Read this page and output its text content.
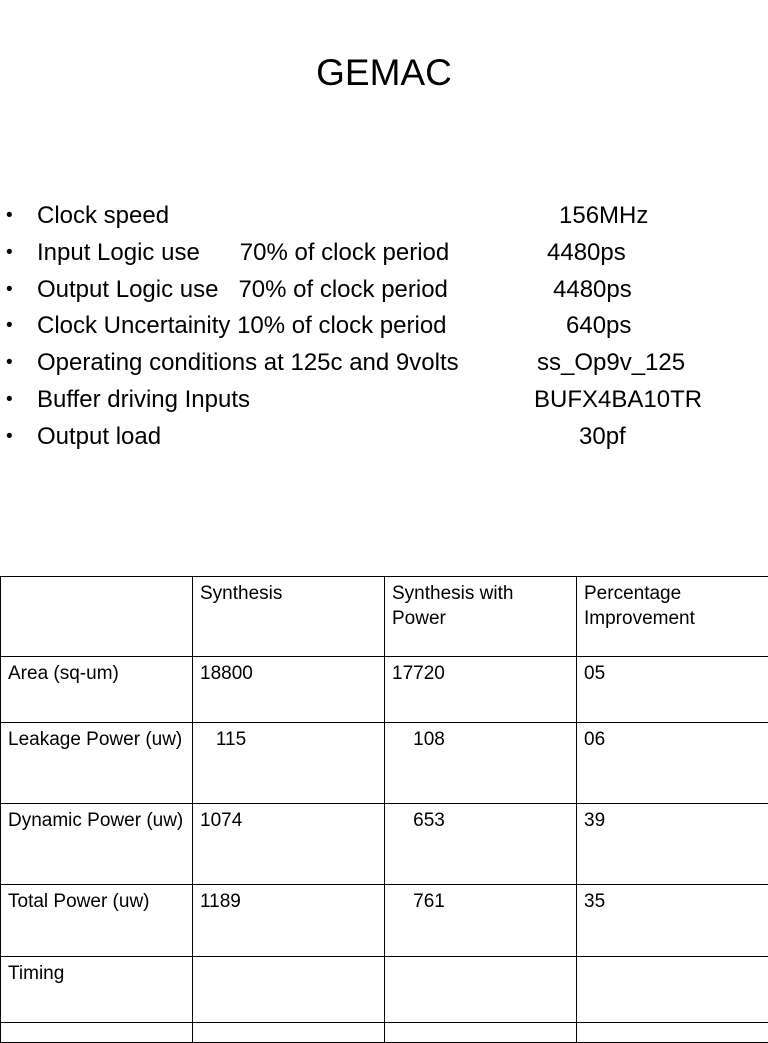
GEMAC

•

Clock speed

	156MHz

•

Input Logic use      70% of clock period

	4480ps

•

Output Logic use   70% of clock period

	4480ps

•

Clock Uncertainity 10% of clock period

	640ps

•

Operating conditions at 125c and 9volts

	ss_Op9v_125

•

Buffer driving Inputs

	BUFX4BA10TR

•

Output load

	30pf

	Synthesis	Synthesis with Power	Percentage Improvement
Area (sq-um)	18800	17720	05
Leakage Power (uw)	115	108	06
Dynamic Power (uw)	1074	653	39
Total Power (uw)	1189	761	35
Timing			
